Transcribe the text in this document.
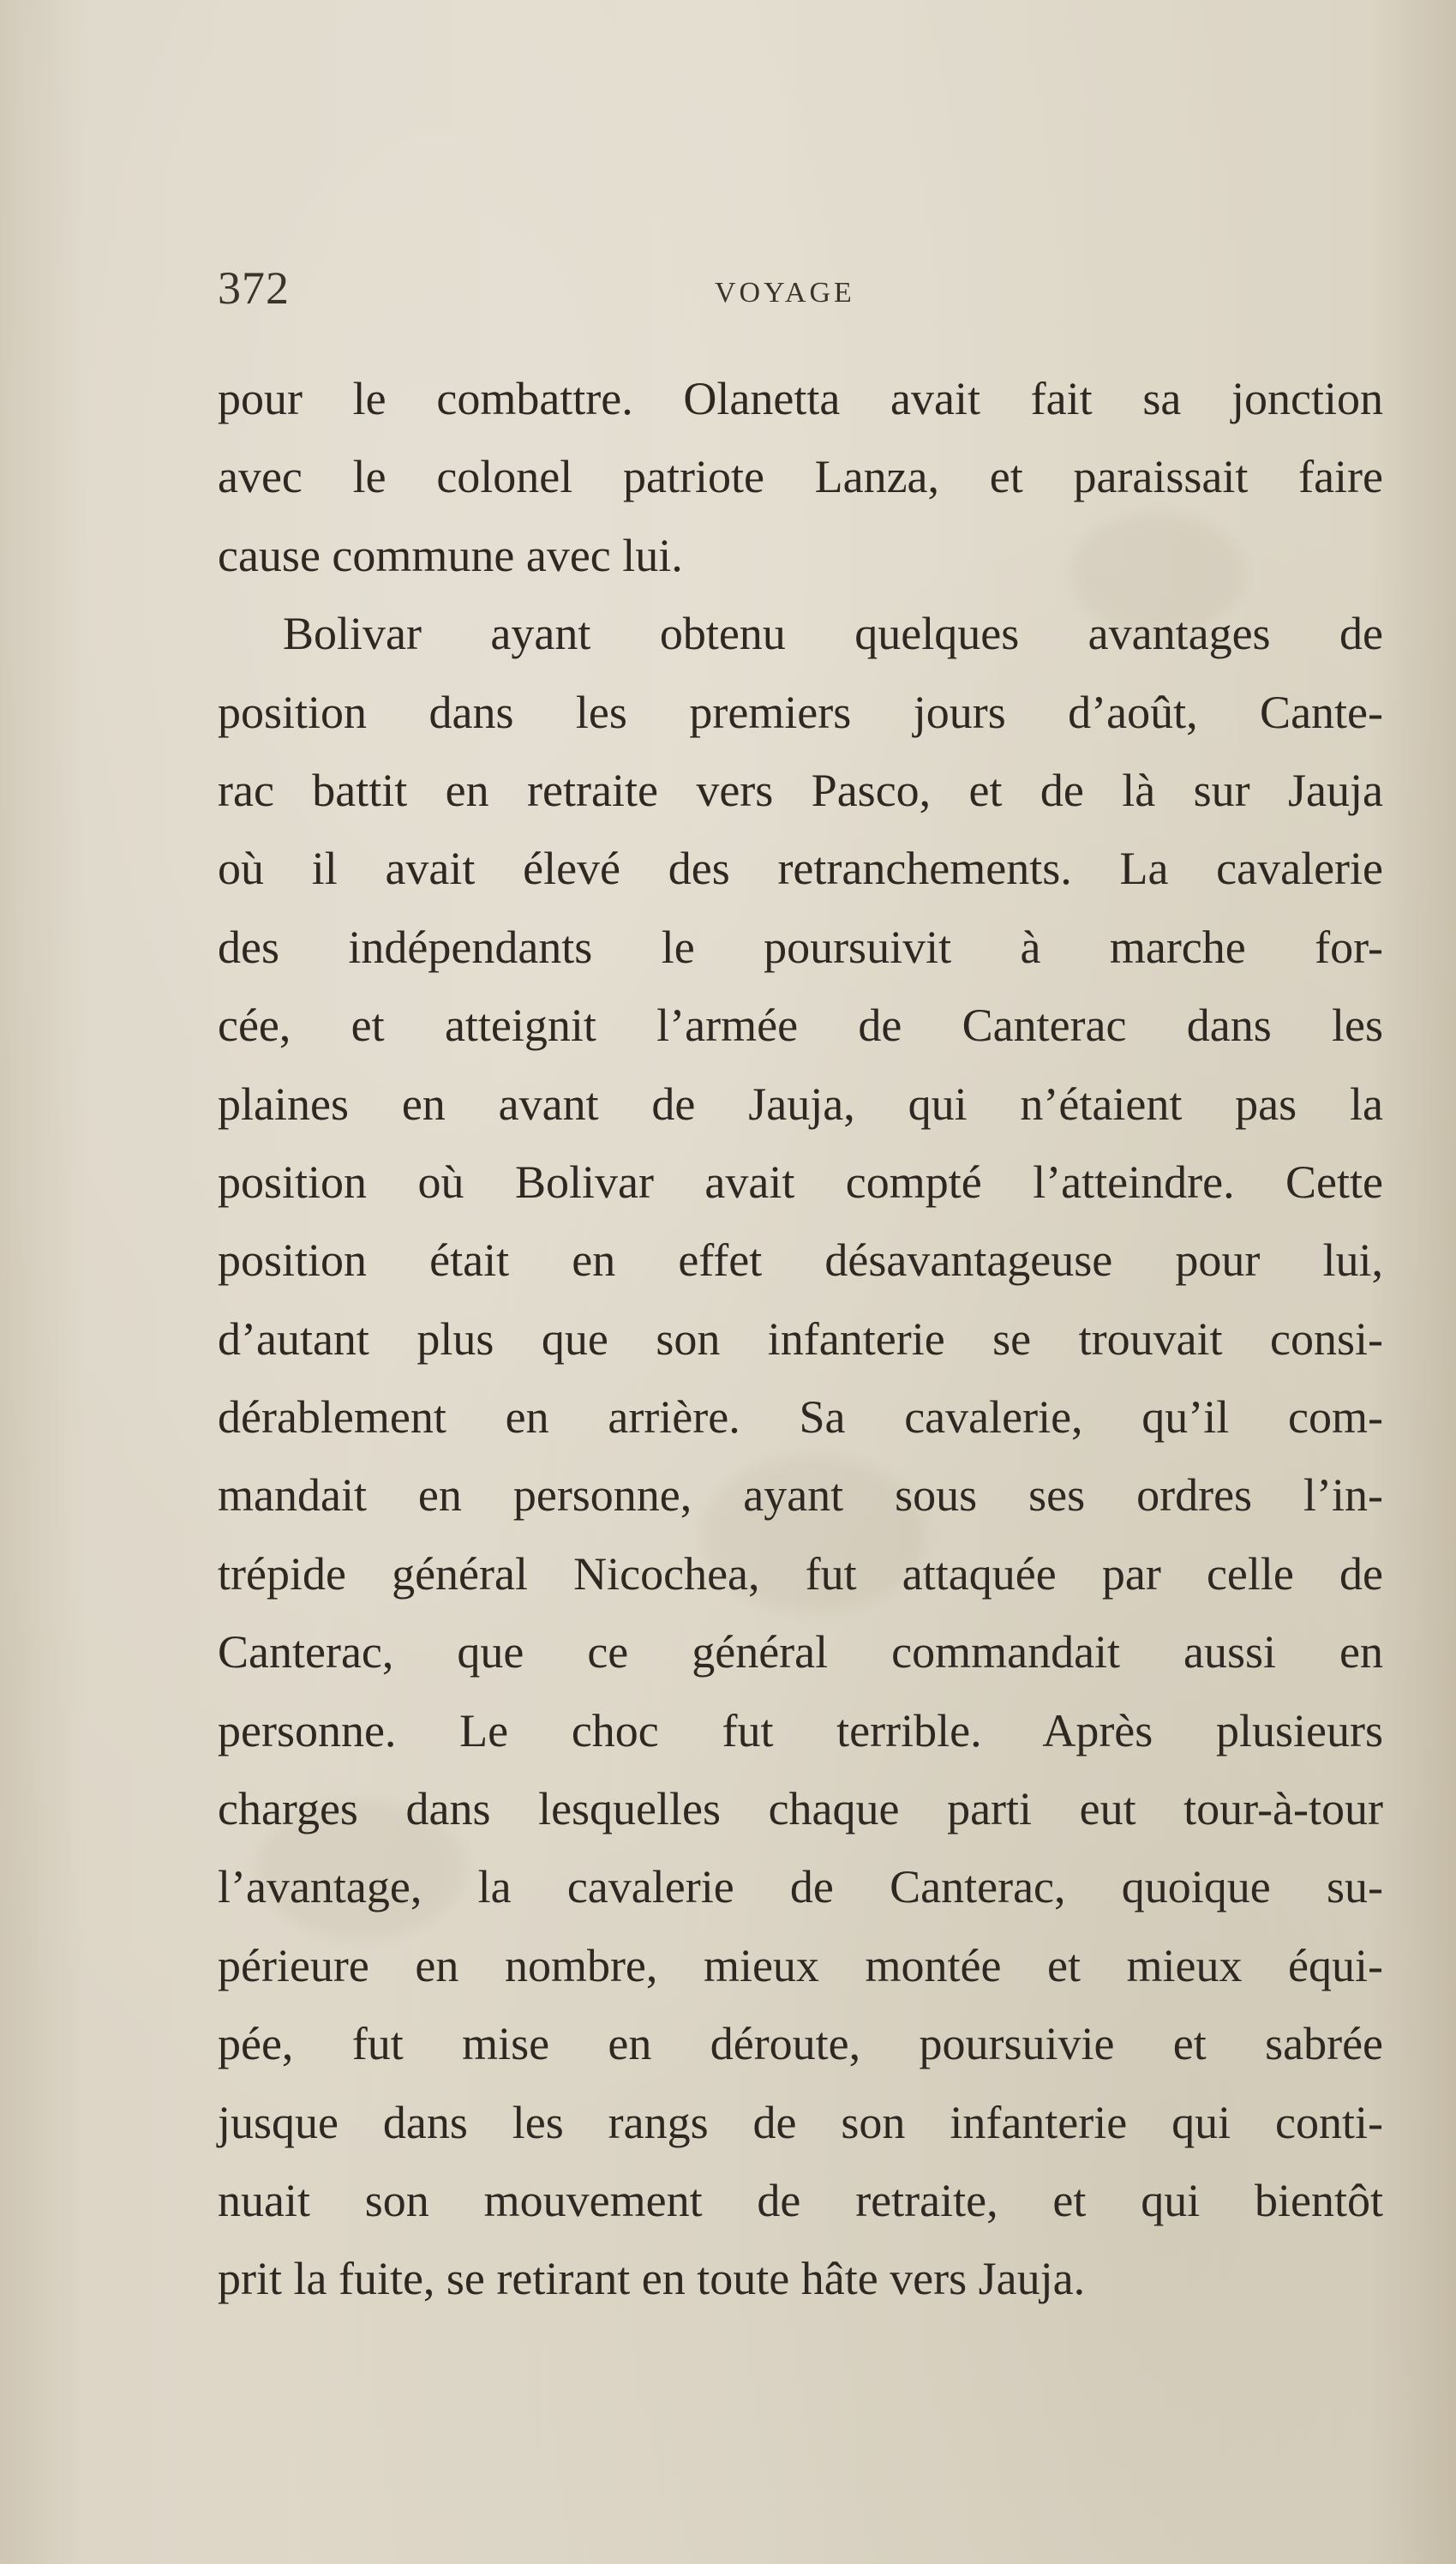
372	VOYAGE
pour le combattre. Olanetta avait fait sa jonction
avec le colonel patriote Lanza, et paraissait faire
cause commune avec lui.
Bolivar ayant obtenu quelques avantages de
position dans les premiers jours d’août, Cante-
rac battit en retraite vers Pasco, et de là sur Jauja
où il avait élevé des retranchements. La cavalerie
des indépendants le poursuivit à marche for-
cée, et atteignit l’armée de Canterac dans les
plaines en avant de Jauja, qui n’étaient pas la
position où Bolivar avait compté l’atteindre. Cette
position était en effet désavantageuse pour lui,
d’autant plus que son infanterie se trouvait consi-
dérablement en arrière. Sa cavalerie, qu’il com-
mandait en personne, ayant sous ses ordres l’in-
trépide général Nicochea, fut attaquée par celle de
Canterac, que ce général commandait aussi en
personne. Le choc fut terrible. Après plusieurs
charges dans lesquelles chaque parti eut tour-à-tour
l’avantage, la cavalerie de Canterac, quoique su-
périeure en nombre, mieux montée et mieux équi-
pée, fut mise en déroute, poursuivie et sabrée
jusque dans les rangs de son infanterie qui conti-
nuait son mouvement de retraite, et qui bientôt
prit la fuite, se retirant en toute hâte vers Jauja.
